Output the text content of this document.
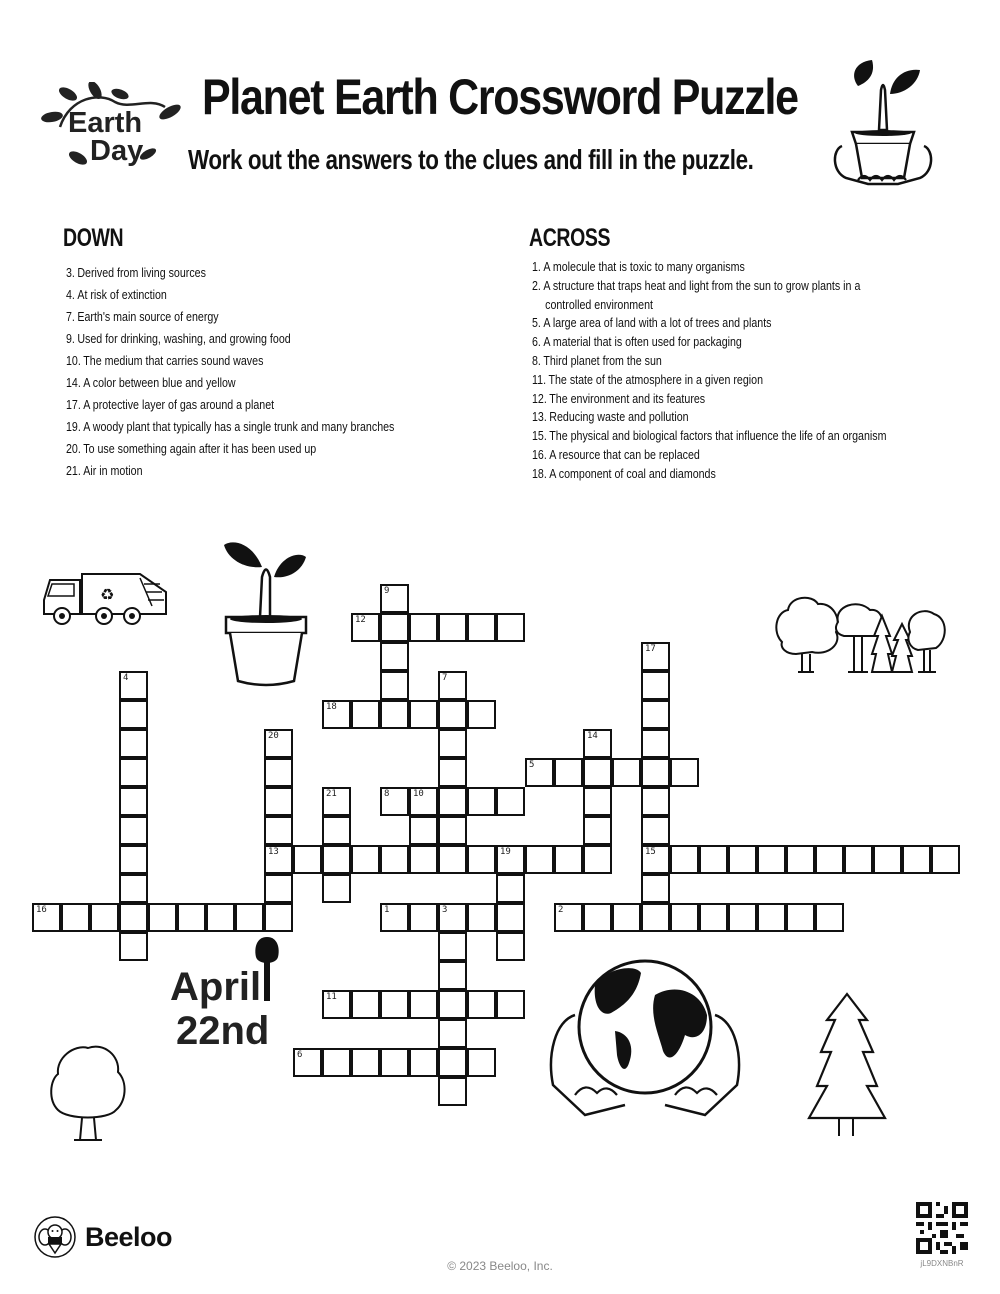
Earth
Day
Planet Earth Crossword Puzzle
Work out the answers to the clues and fill in the puzzle.
DOWN
3. Derived from living sources
4. At risk of extinction
7. Earth's main source of energy
9. Used for drinking, washing, and growing food
10. The medium that carries sound waves
14. A color between blue and yellow
17. A protective layer of gas around a planet
19. A woody plant that typically has a single trunk and many branches
20. To use something again after it has been used up
21. Air in motion
ACROSS
1. A molecule that is toxic to many organisms
2. A structure that traps heat and light from the sun to grow plants in a
controlled environment
5. A large area of land with a lot of trees and plants
6. A material that is often used for packaging
8. Third planet from the sun
11. The state of the atmosphere in a given region
12. The environment and its features
13. Reducing waste and pollution
15. The physical and biological factors that influence the life of an organism
16. A resource that can be replaced
18. A component of coal and diamonds
♻
April
22nd
9
12
17
15
4	7
18
20
13
14
5
21	8	10
19
16	1	3	2
11
6
Beeloo
© 2023 Beeloo, Inc.	jL9DXNBnR
